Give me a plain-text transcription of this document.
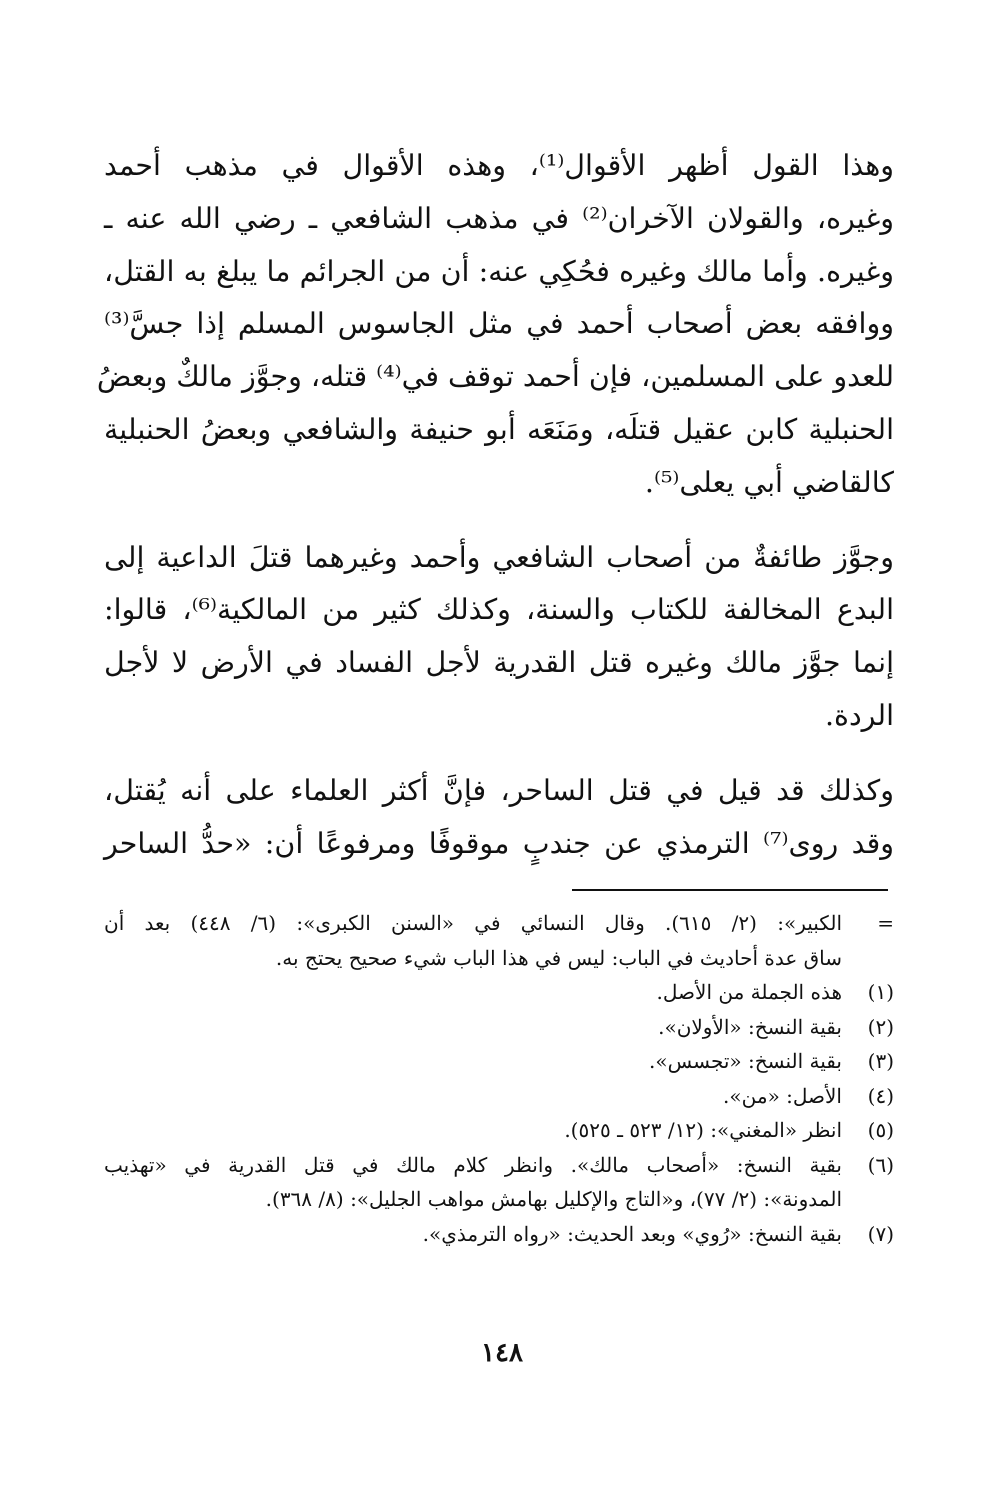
وهذا القول أظهر الأقوال⁽¹⁾، وهذه الأقوال في مذهب أحمد
وغيره، والقولان الآخران⁽²⁾ في مذهب الشافعي ـ رضي الله عنه ـ
وغيره. وأما مالك وغيره فحُكِي عنه: أن من الجرائم ما يبلغ به القتل،
ووافقه بعض أصحاب أحمد في مثل الجاسوس المسلم إذا جسَّ⁽³⁾
للعدو على المسلمين، فإن أحمد توقف في⁽⁴⁾ قتله، وجوَّز مالكٌ وبعضُ
الحنبلية كابن عقيل قتلَه، ومَنَعَه أبو حنيفة والشافعي وبعضُ الحنبلية
كالقاضي أبي يعلى⁽⁵⁾.

وجوَّز طائفةٌ من أصحاب الشافعي وأحمد وغيرهما قتلَ الداعية إلى
البدع المخالفة للكتاب والسنة، وكذلك كثير من المالكية⁽⁶⁾، قالوا:
إنما جوَّز مالك وغيره قتل القدرية لأجل الفساد في الأرض لا لأجل
الردة.

وكذلك قد قيل في قتل الساحر، فإنَّ أكثر العلماء على أنه يُقتل،
وقد روى⁽⁷⁾ الترمذي عن جندبٍ موقوفًا ومرفوعًا أن: «حدُّ الساحر

=
الكبير»: (٢/ ٦١٥). وقال النسائي في «السنن الكبرى»: (٦/ ٤٤٨) بعد أن
ساق عدة أحاديث في الباب: ليس في هذا الباب شيء صحيح يحتج به.
(١)
هذه الجملة من الأصل.
(٢)
بقية النسخ: «الأولان».
(٣)
بقية النسخ: «تجسس».
(٤)
الأصل: «من».
(٥)
انظر «المغني»: (١٢/ ٥٢٣ ـ ٥٢٥).
(٦)
بقية النسخ: «أصحاب مالك». وانظر كلام مالك في قتل القدرية في «تهذيب
المدونة»: (٢/ ٧٧)، و«التاج والإكليل بهامش مواهب الجليل»: (٨/ ٣٦٨).
(٧)
بقية النسخ: «رُوي» وبعد الحديث: «رواه الترمذي».
١٤٨
